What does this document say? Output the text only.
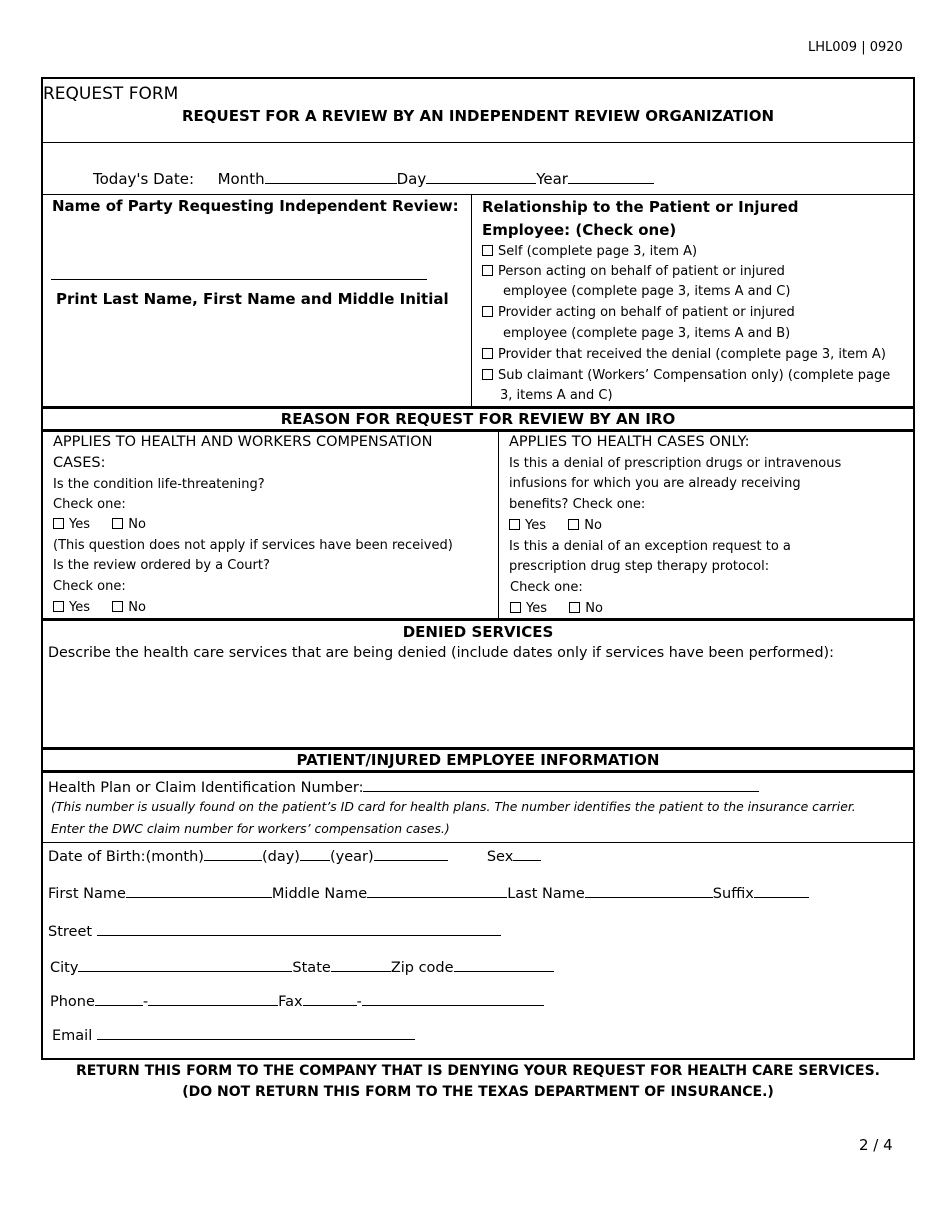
LHL009 | 0920
REQUEST FORM
REQUEST FOR A REVIEW BY AN INDEPENDENT REVIEW ORGANIZATION
Today's Date: Month	Day	Year
Name of Party Requesting Independent Review:
Print Last Name, First Name and Middle Initial
Relationship to the Patient or Injured
Employee: (Check one)
Self (complete page 3, item A)
Person acting on behalf of patient or injured
employee (complete page 3, items A and C)
Provider acting on behalf of patient or injured
employee (complete page 3, items A and B)
Provider that received the denial (complete page 3, item A)
Sub claimant (Workers’ Compensation only) (complete page
3, items A and C)
REASON FOR REQUEST FOR REVIEW BY AN IRO
APPLIES TO HEALTH AND WORKERS COMPENSATION
CASES:
Is the condition life-threatening?
Check one:
Yes	No
(This question does not apply if services have been received)
Is the review ordered by a Court?
Check one:
Yes	No
APPLIES TO HEALTH CASES ONLY:
Is this a denial of prescription drugs or intravenous
infusions for which you are already receiving
benefits? Check one:
Yes	No
Is this a denial of an exception request to a
prescription drug step therapy protocol:
Check one:
Yes	No
DENIED SERVICES
Describe the health care services that are being denied (include dates only if services have been performed):
PATIENT/INJURED EMPLOYEE INFORMATION
Health Plan or Claim Identification Number:
(This number is usually found on the patient’s ID card for health plans. The number identifies the patient to the insurance carrier.
Enter the DWC claim number for workers’ compensation cases.)
Date of Birth:(month)	(day) (year)	Sex
First Name	Middle Name	Last Name	Suffix
Street
City	State	Zip code
Phone	-	Fax	-
Email
RETURN THIS FORM TO THE COMPANY THAT IS DENYING YOUR REQUEST FOR HEALTH CARE SERVICES.
(DO NOT RETURN THIS FORM TO THE TEXAS DEPARTMENT OF INSURANCE.)
2 / 4
